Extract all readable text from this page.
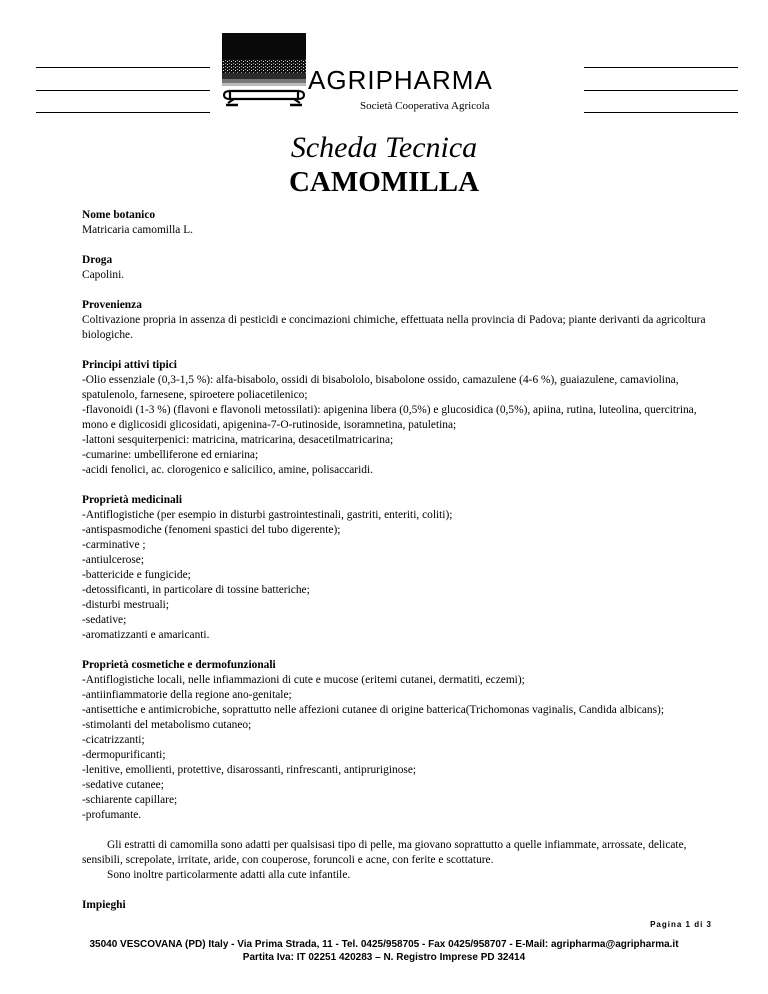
AGRIPHARMA
Società Cooperativa Agricola
Scheda Tecnica
CAMOMILLA
Nome botanico

Matricaria camomilla L.

Droga

Capolini.

Provenienza

Coltivazione propria in assenza di pesticidi e concimazioni chimiche, effettuata nella provincia di Padova; piante derivanti da agricoltura biologiche.

Principi attivi tipici

-Olio essenziale (0,3-1,5 %): alfa-bisabolo, ossidi di bisabololo, bisabolone ossido, camazulene (4-6 %), guaiazulene, camaviolina, spatulenolo, farnesene, spiroetere poliacetilenico;

-flavonoidi (1-3 %) (flavoni e flavonoli metossilati): apigenina libera (0,5%) e glucosidica (0,5%), apiina, rutina, luteolina, quercitrina, mono e diglicosidi glicosidati, apigenina-7-O-rutinoside, isoramnetina, patuletina;

-lattoni sesquiterpenici: matricina, matricarina, desacetilmatricarina;

-cumarine: umbelliferone ed erniarina;

-acidi fenolici, ac. clorogenico e salicilico, amine, polisaccaridi.

Proprietà medicinali

-Antiflogistiche (per esempio in disturbi gastrointestinali, gastriti, enteriti, coliti);

-antispasmodiche (fenomeni spastici del tubo digerente);

-carminative ;

-antiulcerose;

-battericide e fungicide;

-detossificanti, in particolare di tossine batteriche;

-disturbi mestruali;

-sedative;

-aromatizzanti e amaricanti.

Proprietà cosmetiche e dermofunzionali

-Antiflogistiche locali, nelle infiammazioni di cute e mucose (eritemi cutanei, dermatiti, eczemi);

-antiinfiammatorie della regione ano-genitale;

-antisettiche e antimicrobiche, soprattutto nelle affezioni cutanee di origine batterica(Trichomonas vaginalis, Candida albicans);

-stimolanti del metabolismo cutaneo;

-cicatrizzanti;

-dermopurificanti;

-lenitive, emollienti, protettive, disarossanti, rinfrescanti, antipruriginose;

-sedative cutanee;

-schiarente capillare;

-profumante.

Gli estratti di camomilla sono adatti per qualsisasi tipo di pelle, ma giovano soprattutto a quelle infiammate, arrossate, delicate, sensibili, screpolate, irritate, aride, con couperose, foruncoli e acne, con ferite e scottature.

Sono inoltre particolarmente adatti alla cute infantile.

Impieghi
Pagina 1 di 3
35040 VESCOVANA (PD) Italy - Via Prima Strada, 11 - Tel. 0425/958705 - Fax 0425/958707 - E-Mail: agripharma@agripharma.it
Partita Iva: IT 02251 420283 – N. Registro Imprese PD 32414
